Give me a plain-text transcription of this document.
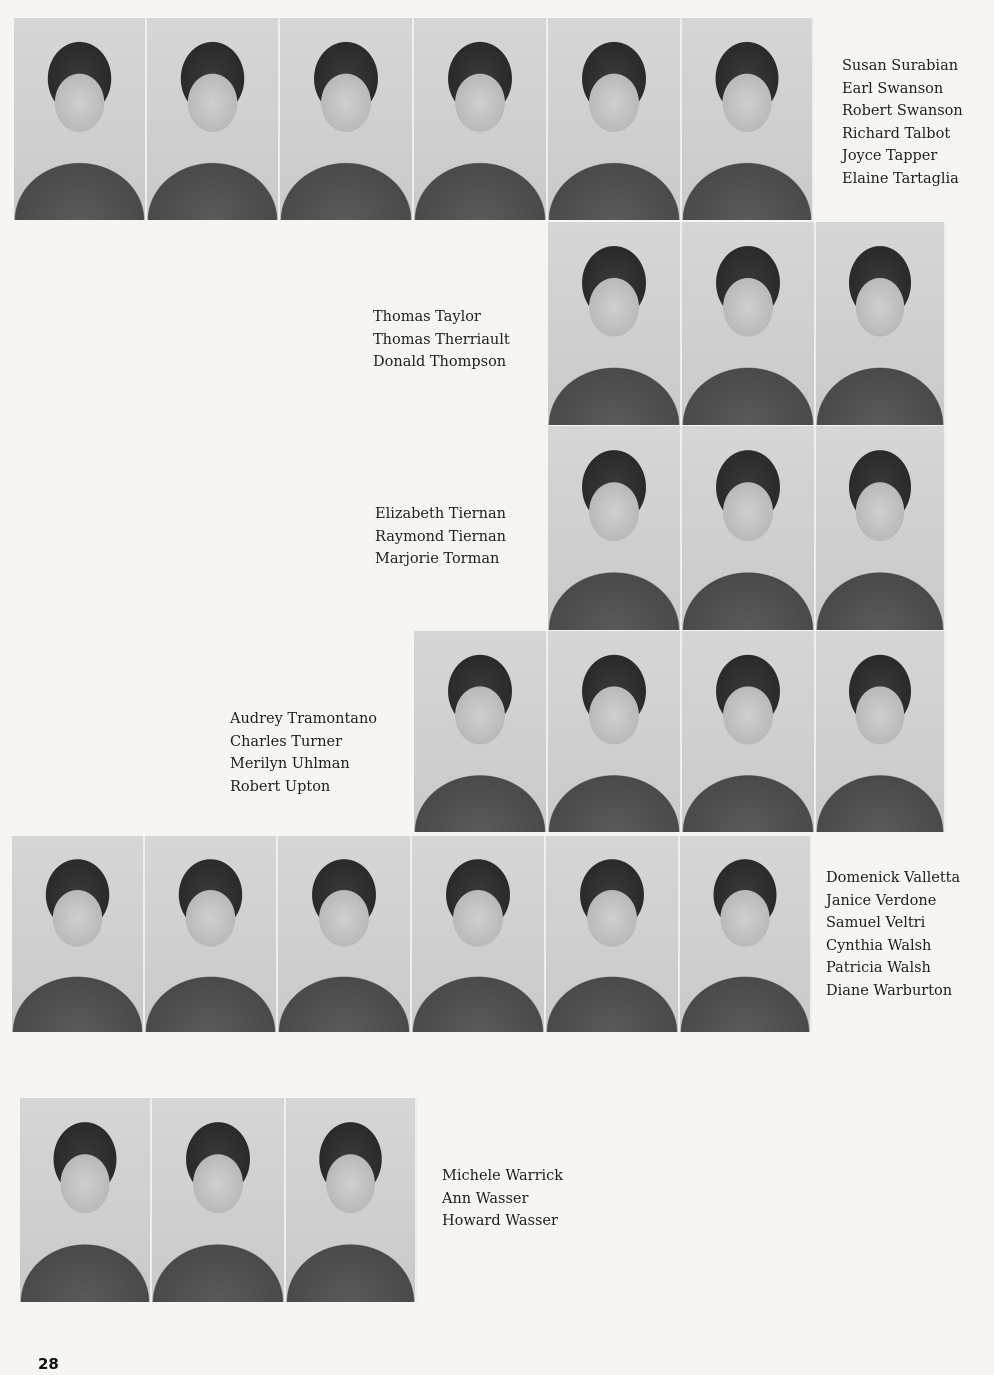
Susan Surabian
Earl Swanson
Robert Swanson
Richard Talbot
Joyce Tapper
Elaine Tartaglia
Thomas Taylor
Thomas Therriault
Donald Thompson
Elizabeth Tiernan
Raymond Tiernan
Marjorie Torman
Audrey Tramontano
Charles Turner
Merilyn Uhlman
Robert Upton
Domenick Valletta
Janice Verdone
Samuel Veltri
Cynthia Walsh
Patricia Walsh
Diane Warburton
Michele Warrick
Ann Wasser
Howard Wasser
28
